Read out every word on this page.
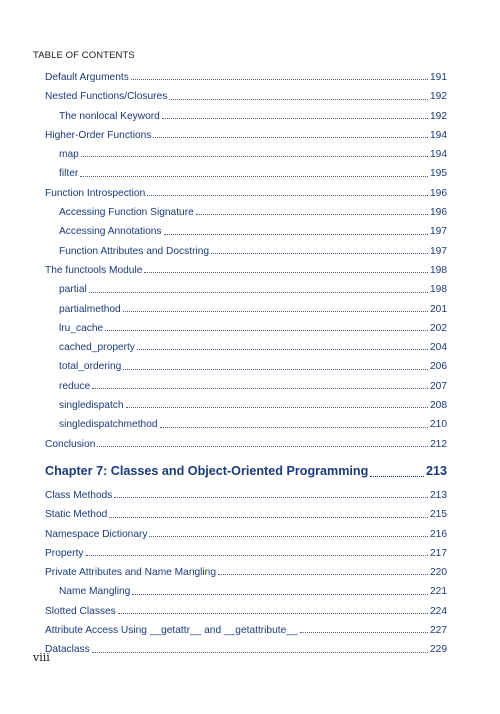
TABLE OF CONTENTS
Default Arguments	191
Nested Functions/Closures	192
The nonlocal Keyword	192
Higher-Order Functions	194
map	194
filter	195
Function Introspection	196
Accessing Function Signature	196
Accessing Annotations	197
Function Attributes and Docstring	197
The functools Module	198
partial	198
partialmethod	201
lru_cache	202
cached_property	204
total_ordering	206
reduce	207
singledispatch	208
singledispatchmethod	210
Conclusion	212
Chapter 7: Classes and Object-Oriented Programming	213
Class Methods	213
Static Method	215
Namespace Dictionary	216
Property	217
Private Attributes and Name Mangling	220
Name Mangling	221
Slotted Classes	224
Attribute Access Using __getattr__ and __getattribute__	227
Dataclass	229
viii
